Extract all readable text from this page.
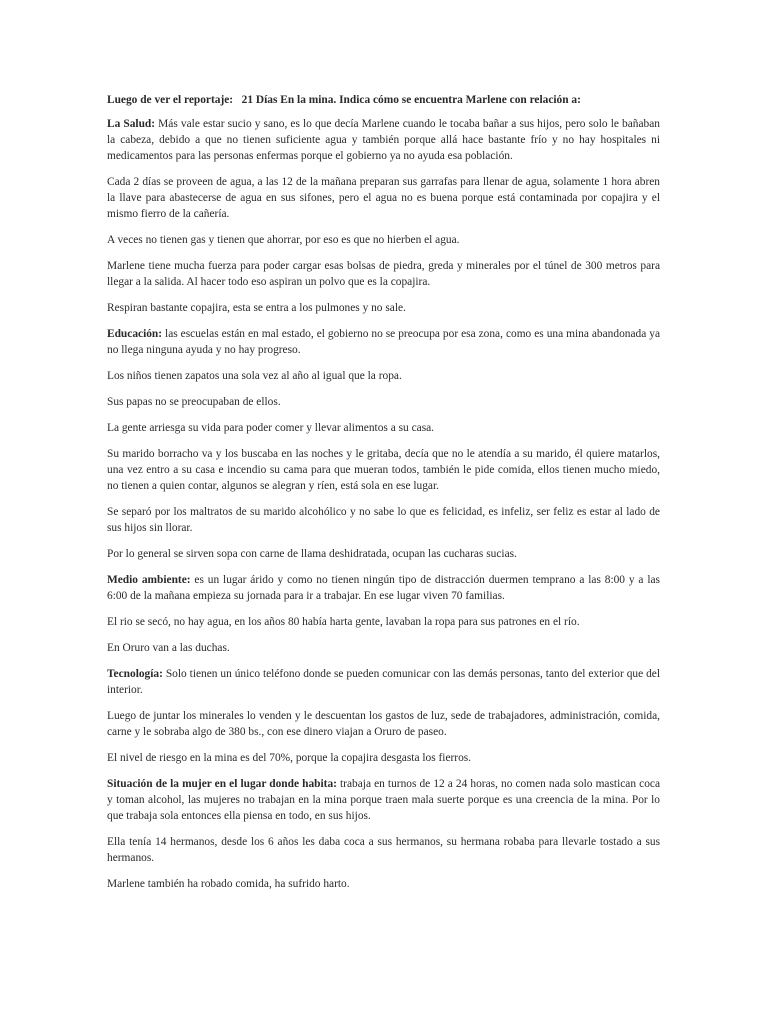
Luego de ver el reportaje: 21 Días En la mina. Indica cómo se encuentra Marlene con relación a:

La Salud: Más vale estar sucio y sano, es lo que decía Marlene cuando le tocaba bañar a sus hijos, pero solo le bañaban la cabeza, debido a que no tienen suficiente agua y también porque allá hace bastante frío y no hay hospitales ni medicamentos para las personas enfermas porque el gobierno ya no ayuda esa población.

Cada 2 días se proveen de agua, a las 12 de la mañana preparan sus garrafas para llenar de agua, solamente 1 hora abren la llave para abastecerse de agua en sus sifones, pero el agua no es buena porque está contaminada por copajira y el mismo fierro de la cañería.

A veces no tienen gas y tienen que ahorrar, por eso es que no hierben el agua.

Marlene tiene mucha fuerza para poder cargar esas bolsas de piedra, greda y minerales por el túnel de 300 metros para llegar a la salida. Al hacer todo eso aspiran un polvo que es la copajira.

Respiran bastante copajira, esta se entra a los pulmones y no sale.

Educación: las escuelas están en mal estado, el gobierno no se preocupa por esa zona, como es una mina abandonada ya no llega ninguna ayuda y no hay progreso.

Los niños tienen zapatos una sola vez al año al igual que la ropa.

Sus papas no se preocupaban de ellos.

La gente arriesga su vida para poder comer y llevar alimentos a su casa.

Su marido borracho va y los buscaba en las noches y le gritaba, decía que no le atendía a su marido, él quiere matarlos, una vez entro a su casa e incendio su cama para que mueran todos, también le pide comida, ellos tienen mucho miedo, no tienen a quien contar, algunos se alegran y ríen, está sola en ese lugar.

Se separó por los maltratos de su marido alcohólico y no sabe lo que es felicidad, es infeliz, ser feliz es estar al lado de sus hijos sin llorar.

Por lo general se sirven sopa con carne de llama deshidratada, ocupan las cucharas sucias.

Medio ambiente: es un lugar árido y como no tienen ningún tipo de distracción duermen temprano a las 8:00 y a las 6:00 de la mañana empieza su jornada para ir a trabajar. En ese lugar viven 70 familias.

El rio se secó, no hay agua, en los años 80 había harta gente, lavaban la ropa para sus patrones en el río.

En Oruro van a las duchas.

Tecnología: Solo tienen un único teléfono donde se pueden comunicar con las demás personas, tanto del exterior que del interior.

Luego de juntar los minerales lo venden y le descuentan los gastos de luz, sede de trabajadores, administración, comida, carne y le sobraba algo de 380 bs., con ese dinero viajan a Oruro de paseo.

El nivel de riesgo en la mina es del 70%, porque la copajira desgasta los fierros.

Situación de la mujer en el lugar donde habita: trabaja en turnos de 12 a 24 horas, no comen nada solo mastican coca y toman alcohol, las mujeres no trabajan en la mina porque traen mala suerte porque es una creencia de la mina. Por lo que trabaja sola entonces ella piensa en todo, en sus hijos.

Ella tenía 14 hermanos, desde los 6 años les daba coca a sus hermanos, su hermana robaba para llevarle tostado a sus hermanos.

Marlene también ha robado comida, ha sufrido harto.
